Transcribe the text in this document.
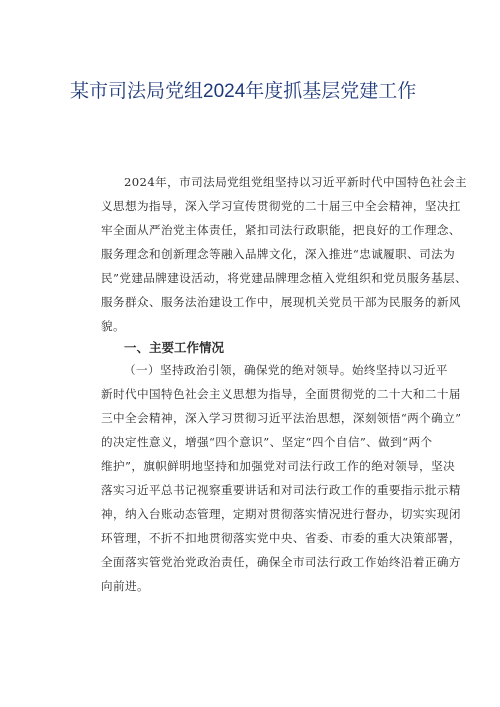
某市司法局党组2024年度抓基层党建工作
2024年，市司法局党组党组坚持以习近平新时代中国特色社会主
义思想为指导，深入学习宣传贯彻党的二十届三中全会精神，坚决扛
牢全面从严治党主体责任，紧扣司法行政职能，把良好的工作理念、
服务理念和创新理念等融入品牌文化，深入推进“忠诚履职、司法为
民”党建品牌建设活动，将党建品牌理念植入党组织和党员服务基层、
服务群众、服务法治建设工作中，展现机关党员干部为民服务的新风
貌。
一、主要工作情况
（一）坚持政治引领，确保党的绝对领导。始终坚持以习近平
新时代中国特色社会主义思想为指导，全面贯彻党的二十大和二十届
三中全会精神，深入学习贯彻习近平法治思想，深刻领悟“两个确立”
的决定性意义，增强“四个意识”、坚定“四个自信”、做到“两个
维护”，旗帜鲜明地坚持和加强党对司法行政工作的绝对领导，坚决
落实习近平总书记视察重要讲话和对司法行政工作的重要指示批示精
神，纳入台账动态管理，定期对贯彻落实情况进行督办，切实实现闭
环管理，不折不扣地贯彻落实党中央、省委、市委的重大决策部署，
全面落实管党治党政治责任，确保全市司法行政工作始终沿着正确方
向前进。
